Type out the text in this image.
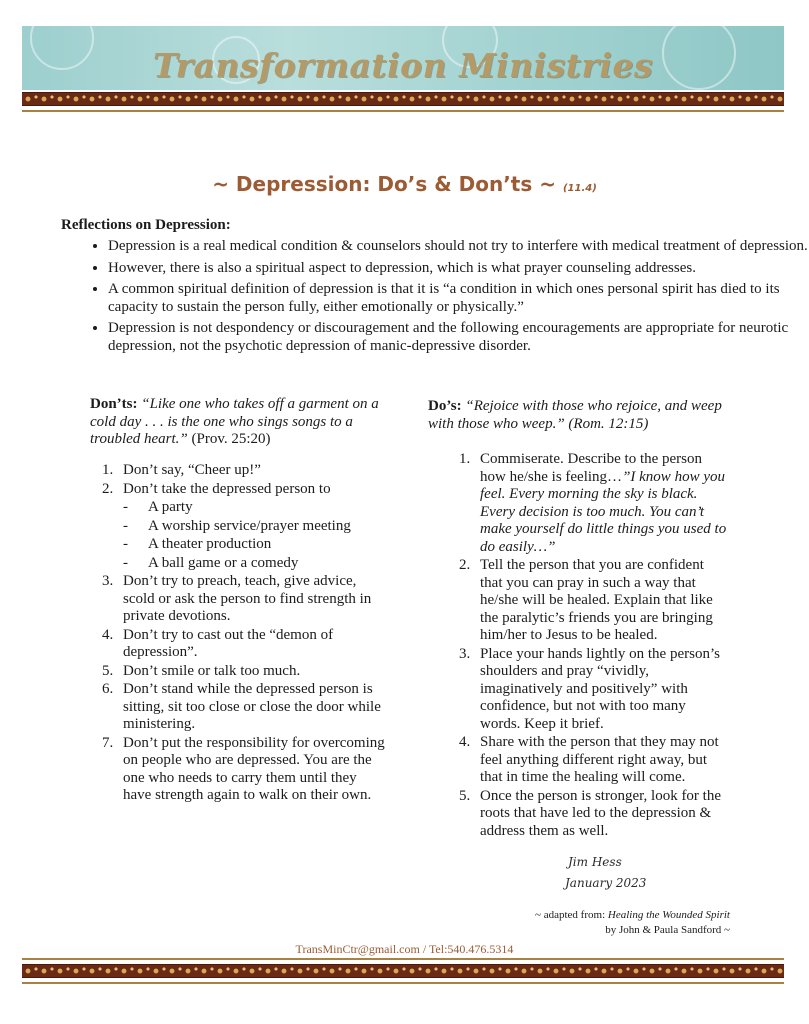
Transformation Ministries
~ Depression: Do’s & Don’ts ~ (11.4)
Reflections on Depression:
• Depression is a real medical condition & counselors should not try to interfere with medical treatment of depression.
• However, there is also a spiritual aspect to depression, which is what prayer counseling addresses.
• A common spiritual definition of depression is that it is “a condition in which ones personal spirit has died to its capacity to sustain the person fully, either emotionally or physically.”
• Depression is not despondency or discouragement and the following encouragements are appropriate for neurotic depression, not the psychotic depression of manic-depressive disorder.
Don’ts: “Like one who takes off a garment on a cold day . . . is the one who sings songs to a troubled heart.” (Prov. 25:20)
1. Don’t say, “Cheer up!”
2. Don’t take the depressed person to
- A party
- A worship service/prayer meeting
- A theater production
- A ball game or a comedy
3. Don’t try to preach, teach, give advice, scold or ask the person to find strength in private devotions.
4. Don’t try to cast out the “demon of depression”.
5. Don’t smile or talk too much.
6. Don’t stand while the depressed person is sitting, sit too close or close the door while ministering.
7. Don’t put the responsibility for overcoming on people who are depressed. You are the one who needs to carry them until they have strength again to walk on their own.
Do’s: “Rejoice with those who rejoice, and weep with those who weep.” (Rom. 12:15)
1. Commiserate. Describe to the person how he/she is feeling…”I know how you feel. Every morning the sky is black. Every decision is too much. You can’t make yourself do little things you used to do easily…”
2. Tell the person that you are confident that you can pray in such a way that he/she will be healed. Explain that like the paralytic’s friends you are bringing him/her to Jesus to be healed.
3. Place your hands lightly on the person’s shoulders and pray “vividly, imaginatively and positively” with confidence, but not with too many words. Keep it brief.
4. Share with the person that they may not feel anything different right away, but that in time the healing will come.
5. Once the person is stronger, look for the roots that have led to the depression & address them as well.
Jim Hess
January 2023
~ adapted from: Healing the Wounded Spirit
by John & Paula Sandford ~
TransMinCtr@gmail.com / Tel:540.476.5314
